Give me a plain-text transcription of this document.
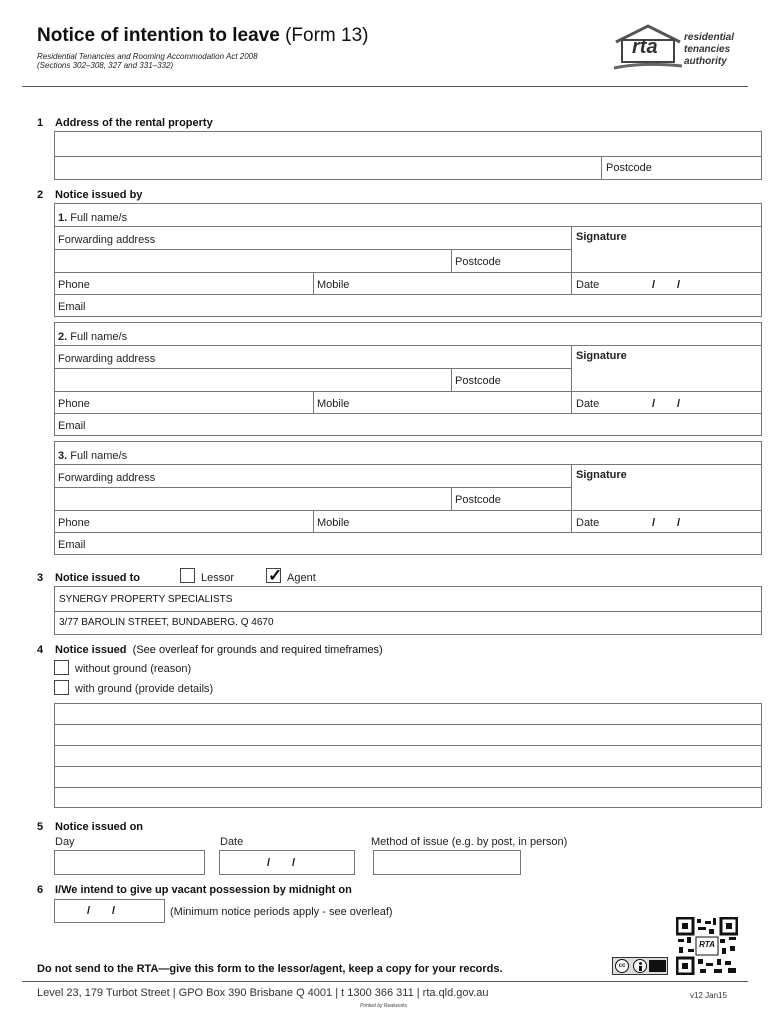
Notice of intention to leave (Form 13)
Residential Tenancies and Rooming Accommodation Act 2008
(Sections 302–308, 327 and 331–332)
rta	residential
tenancies
authority
1 Address of the rental property
Postcode
2 Notice issued by
1. Full name/s
Forwarding address	Signature
Postcode
Phone	Mobile	Date	/ /
Email
2. Full name/s
Forwarding address	Signature
Postcode
Phone	Mobile	Date	/ /
Email
3. Full name/s
Forwarding address	Signature
Postcode
Phone	Mobile	Date	/ /
Email
3 Notice issued to	Lessor ✓ Agent
SYNERGY PROPERTY SPECIALISTS
3/77 BAROLIN STREET, BUNDABERG. Q 4670
4 Notice issued (See overleaf for grounds and required timeframes)
without ground (reason)
with ground (provide details)
5 Notice issued on
Day	Date	Method of issue (e.g. by post, in person)
/ /
6 I/We intend to give up vacant possession by midnight on
/ /	(Minimum notice periods apply - see overleaf)
RTA
cc
Do not send to the RTA—give this form to the lessor/agent, keep a copy for your records.
Level 23, 179 Turbot Street | GPO Box 390 Brisbane Q 4001 | t 1300 366 311 | rta.qld.gov.au	v12 Jan15
Printed by Realworks
